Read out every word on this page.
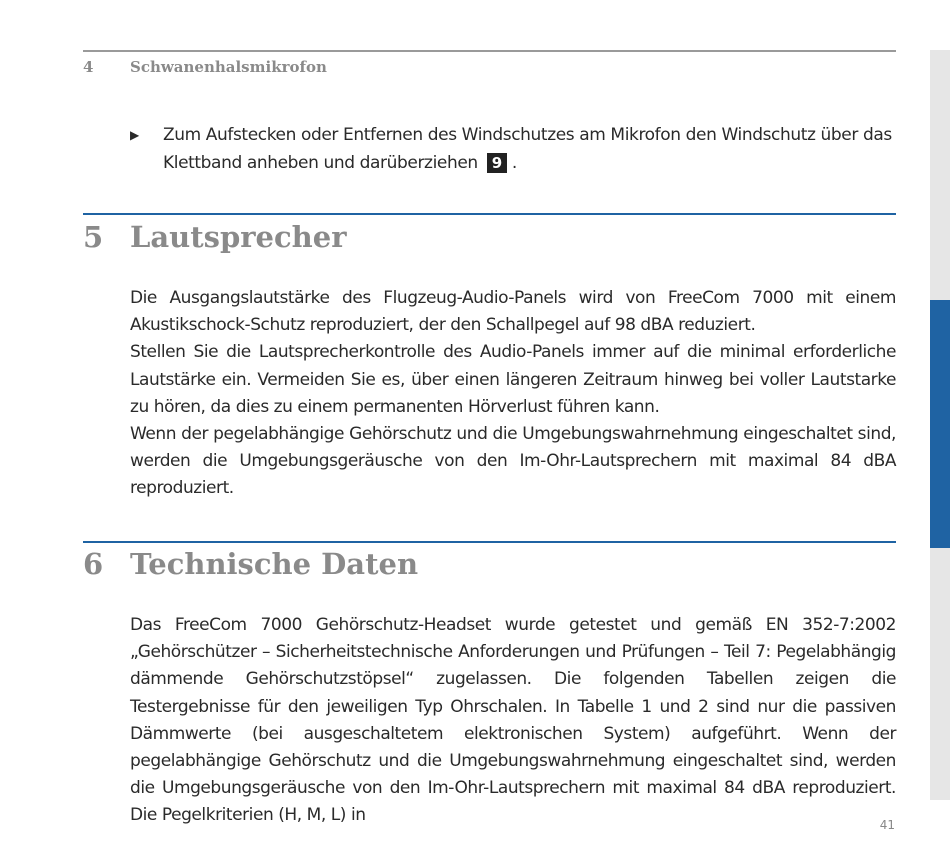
4 Schwanenhalsmikrofon
▶ Zum Aufstecken oder Entfernen des Windschutzes am Mikrofon den Windschutz über das Klettband anheben und darüberziehen 9 .
5 Lautsprecher

Die Ausgangslautstärke des Flugzeug-Audio-Panels wird von FreeCom 7000 mit einem Akustikschock-Schutz reproduziert, der den Schallpegel auf 98 dBA reduziert.

Stellen Sie die Lautsprecherkontrolle des Audio-Panels immer auf die minimal erforderliche Lautstärke ein. Vermeiden Sie es, über einen längeren Zeitraum hinweg bei voller Lautstarke zu hören, da dies zu einem permanenten Hörverlust führen kann.

Wenn der pegelabhängige Gehörschutz und die Umgebungswahrnehmung eingeschaltet sind, werden die Umgebungsgeräusche von den Im-Ohr-Lautsprechern mit maximal 84 dBA reproduziert.

6 Technische Daten

Das FreeCom 7000 Gehörschutz-Headset wurde getestet und gemäß EN 352-7:2002 „Gehörschützer – Sicherheitstechnische Anforderungen und Prüfungen – Teil 7: Pegelabhängig dämmende Gehörschutzstöpsel“ zugelassen. Die folgenden Tabellen zeigen die Testergebnisse für den jeweiligen Typ Ohrschalen. In Tabelle 1 und 2 sind nur die passiven Dämmwerte (bei ausgeschaltetem elektronischen System) aufgeführt. Wenn der pegelabhängige Gehörschutz und die Umgebungswahrnehmung eingeschaltet sind, werden die Umgebungsgeräusche von den Im-Ohr-Lautsprechern mit maximal 84 dBA reproduziert. Die Pegelkriterien (H, M, L) in	41
